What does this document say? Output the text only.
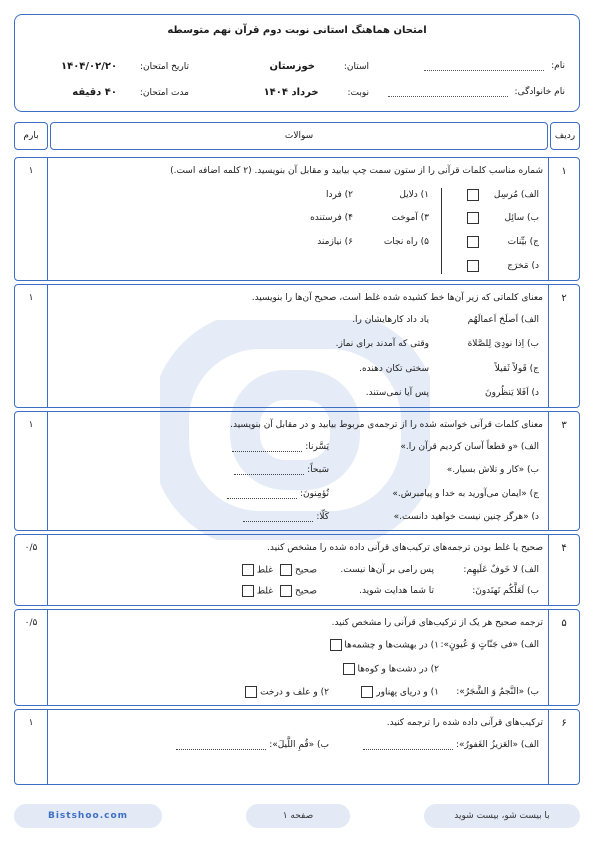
امتحان هماهنگ استانی نوبت دوم قرآن نهم متوسطه
نام:
نام خانوادگی:
استان: خوزستان
نوبت: خرداد ۱۴۰۴
تاریخ امتحان: ۱۴۰۴/۰۲/۲۰
مدت امتحان: ۴۰ دقیقه
بارم	سوالات	ردیف
۱
۱	شماره مناسب کلمات قرآنی را از ستون سمت چپ بیابید و مقابل آن بنویسید. (۲ کلمه اضافه است.)
الف) مُرسِل
ب) سائِل
ج) بیِّنات
د) مَخرَج
۱) دلایل
۲) فردا
۳) آموخت
۴) فرستنده
۵) راه نجات
۶) نیازمند
۲
۱	معنای کلماتی که زیر آن‌ها خط کشیده شده غلط است، صحیح آن‌ها را بنویسید.
الف) اَصلَحَ اَعمالَهُم
یاد داد کارهایشان را.
ب) اِذا نودِیَ لِلصَّلاة
وقتی که آمدند برای نماز.
ج) قَولاً ثَقیلاً
سختی تکان دهنده.
د) اَفَلا یَنظُرونَ
پس آیا نمی‌ستند.
۳
۱	معنای کلمات قرآنی خواسته شده را از ترجمه‌ی مربوط بیابید و در مقابل آن بنویسید.
الف) «و قطعاً آسان کردیم قرآن را.»
یَسَّرنا:
ب) «کار و تلاش بسیار.»
سَبحاً:
ج) «ایمان می‌آورید به خدا و پیامبرش.»
تُؤمِنونَ:
د) «هرگز چنین نیست خواهید دانست.»
کَلّا:
۴
۰/۵	صحیح یا غلط بودن ترجمه‌های ترکیب‌های قرآنی داده شده را مشخص کنید.
الف) لا خَوفٌ عَلَیهِم:
پس رامی بر آن‌ها نیست.
ب) لَعَلَّکُم تَهتَدونَ:
تا شما هدایت شوید.
صحیح
غلط
صحیح
غلط
۵
۰/۵	ترجمه صحیح هر یک از ترکیب‌های قرآنی را مشخص کنید.
الف) «فی جَنّاتٍ وَ عُیونٍ»:
۱) در بهشت‌ها و چشمه‌ها
۲) در دشت‌ها و کوه‌ها
ب) «النَّجمُ وَ الشَّجَرُ»:
۱) و دریای پهناور
۲) و علف و درخت
۶
۱	ترکیب‌های قرآنی داده شده را ترجمه کنید.
الف) «العَزیزُ الغَفورُ»:
ب) «قُمِ اللَّیلَ»:
Bistshoo.com	صفحه ۱	با بیست شو، بیست شوید
